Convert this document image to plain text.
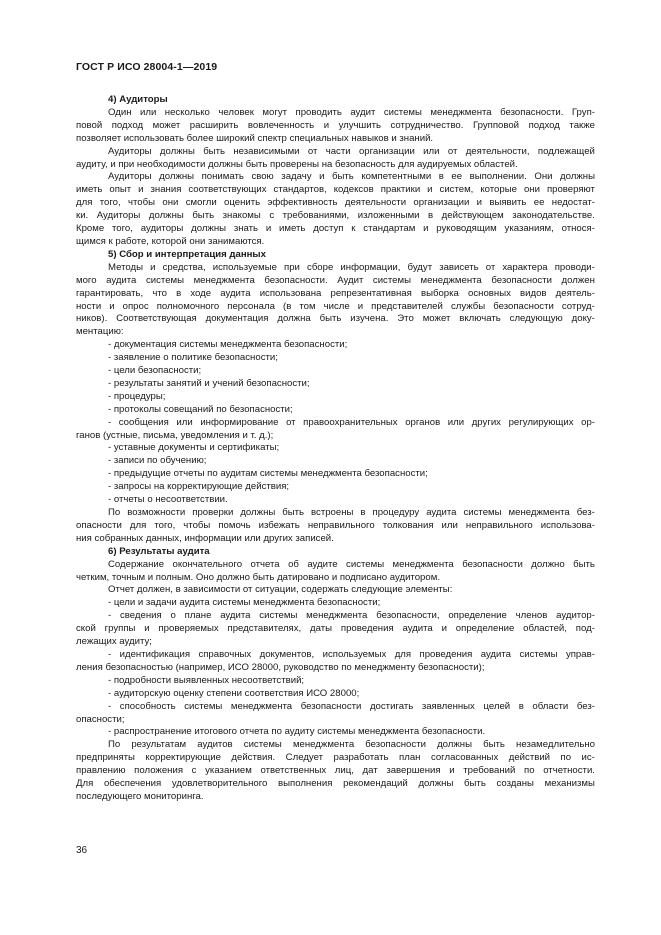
ГОСТ Р ИСО 28004-1—2019
4) Аудиторы
Один или несколько человек могут проводить аудит системы менеджмента безопасности. Груп-
повой подход может расширить вовлеченность и улучшить сотрудничество. Групповой подход также
позволяет использовать более широкий спектр специальных навыков и знаний.
Аудиторы должны быть независимыми от части организации или от деятельности, подлежащей
аудиту, и при необходимости должны быть проверены на безопасность для аудируемых областей.
Аудиторы должны понимать свою задачу и быть компетентными в ее выполнении. Они должны
иметь опыт и знания соответствующих стандартов, кодексов практики и систем, которые они проверяют
для того, чтобы они смогли оценить эффективность деятельности организации и выявить ее недостат-
ки. Аудиторы должны быть знакомы с требованиями, изложенными в действующем законодательстве.
Кроме того, аудиторы должны знать и иметь доступ к стандартам и руководящим указаниям, относя-
щимся к работе, которой они занимаются.
5) Сбор и интерпретация данных
Методы и средства, используемые при сборе информации, будут зависеть от характера проводи-
мого аудита системы менеджмента безопасности. Аудит системы менеджмента безопасности должен
гарантировать, что в ходе аудита использована репрезентативная выборка основных видов деятель-
ности и опрос полномочного персонала (в том числе и представителей службы безопасности сотруд-
ников). Соответствующая документация должна быть изучена. Это может включать следующую доку-
ментацию:
- документация системы менеджмента безопасности;
- заявление о политике безопасности;
- цели безопасности;
- результаты занятий и учений безопасности;
- процедуры;
- протоколы совещаний по безопасности;
- сообщения или информирование от правоохранительных органов или других регулирующих ор-
ганов (устные, письма, уведомления и т. д.);
- уставные документы и сертификаты;
- записи по обучению;
- предыдущие отчеты по аудитам системы менеджмента безопасности;
- запросы на корректирующие действия;
- отчеты о несоответствии.
По возможности проверки должны быть встроены в процедуру аудита системы менеджмента без-
опасности для того, чтобы помочь избежать неправильного толкования или неправильного использова-
ния собранных данных, информации или других записей.
6) Результаты аудита
Содержание окончательного отчета об аудите системы менеджмента безопасности должно быть
четким, точным и полным. Оно должно быть датировано и подписано аудитором.
Отчет должен, в зависимости от ситуации, содержать следующие элементы:
- цели и задачи аудита системы менеджмента безопасности;
- сведения о плане аудита системы менеджмента безопасности, определение членов аудитор-
ской группы и проверяемых представителях, даты проведения аудита и определение областей, под-
лежащих аудиту;
- идентификация справочных документов, используемых для проведения аудита системы управ-
ления безопасностью (например, ИСО 28000, руководство по менеджменту безопасности);
- подробности выявленных несоответствий;
- аудиторскую оценку степени соответствия ИСО 28000;
- способность системы менеджмента безопасности достигать заявленных целей в области без-
опасности;
- распространение итогового отчета по аудиту системы менеджмента безопасности.
По результатам аудитов системы менеджмента безопасности должны быть незамедлительно
предприняты корректирующие действия. Следует разработать план согласованных действий по ис-
правлению положения с указанием ответственных лиц, дат завершения и требований по отчетности.
Для обеспечения удовлетворительного выполнения рекомендаций должны быть созданы механизмы
последующего мониторинга.
36
